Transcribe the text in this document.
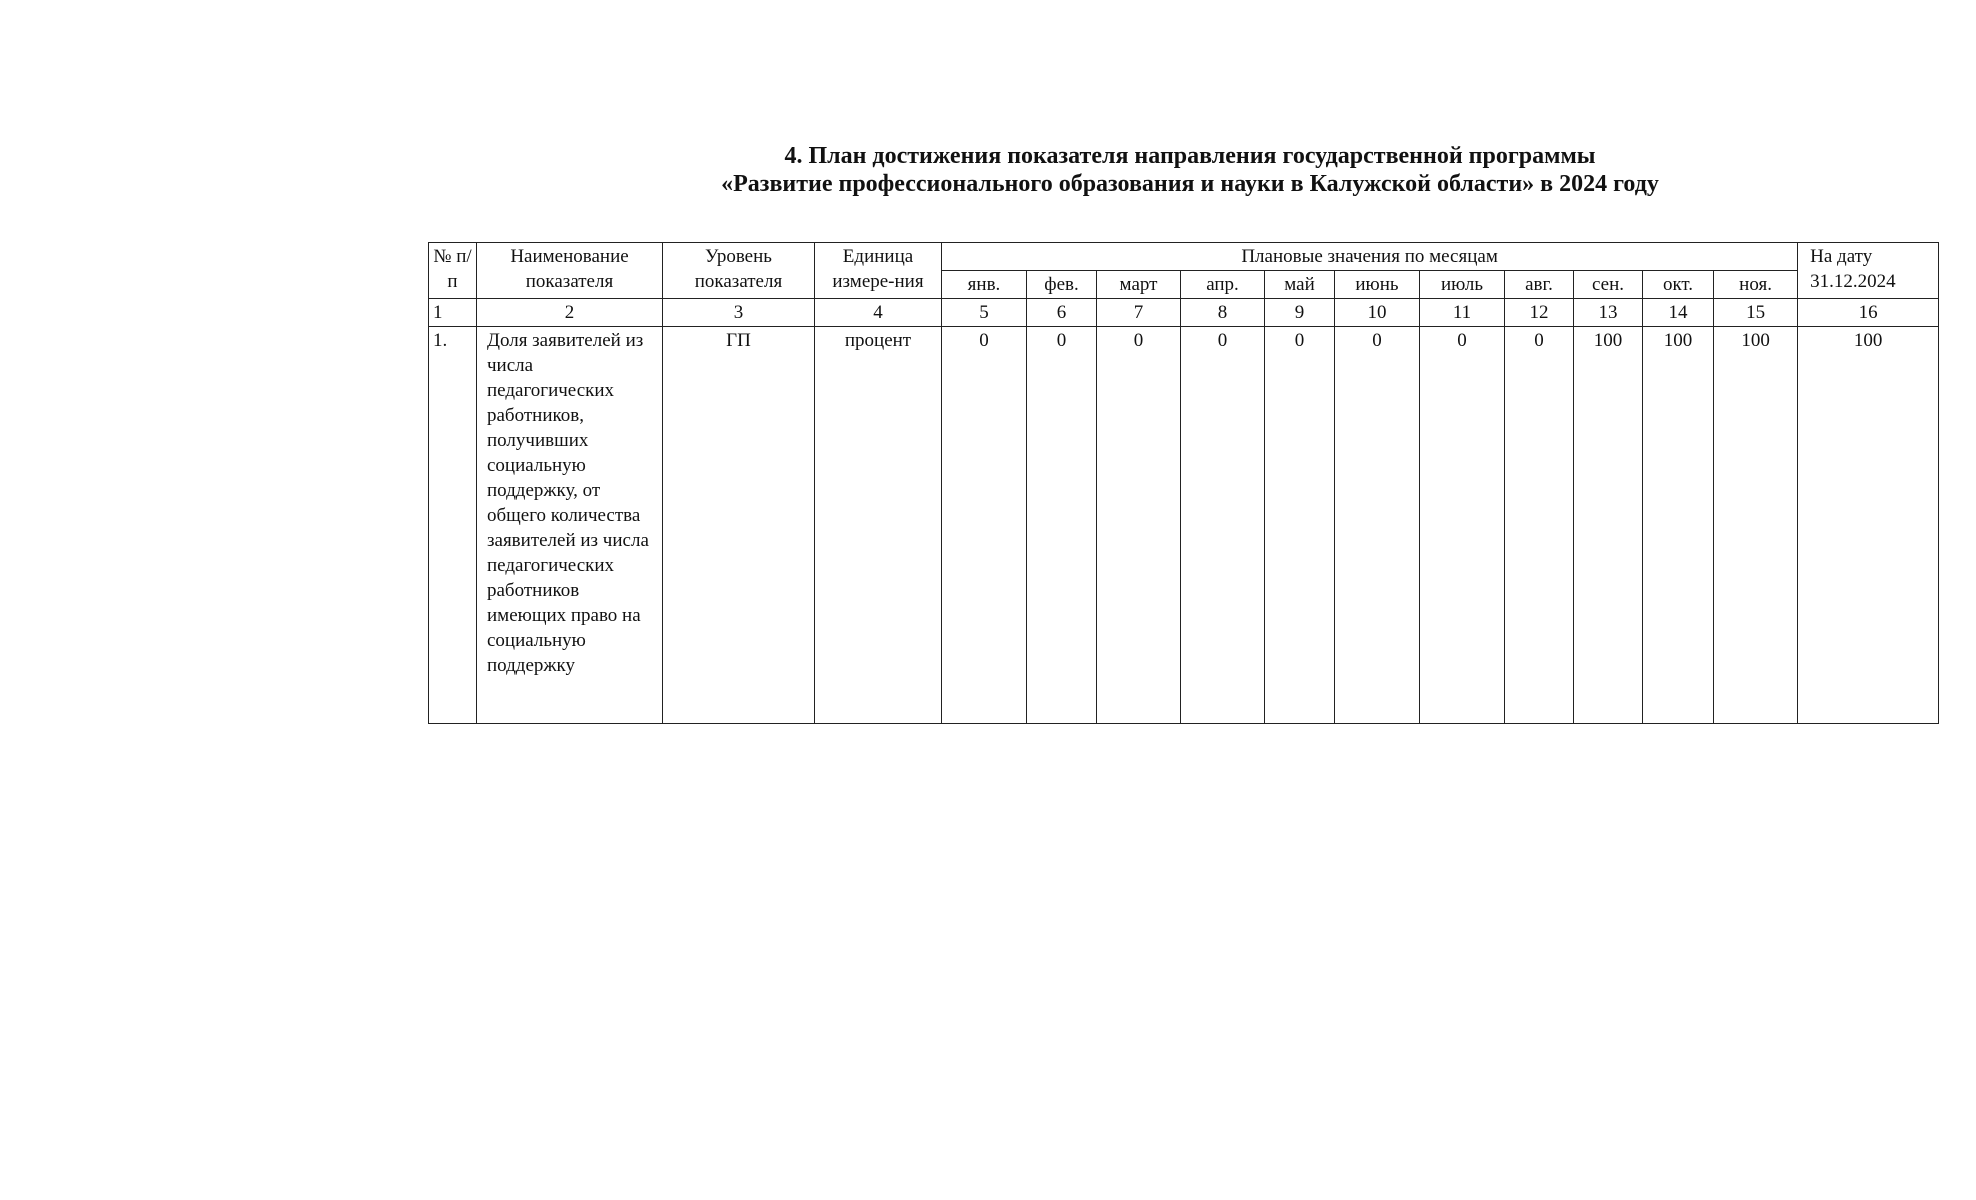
4. План достижения показателя направления государственной программы
«Развитие профессионального образования и науки в Калужской области» в 2024 году
№ п/п	Наименование показателя	Уровень показателя	Единица измере-ния	Плановые значения по месяцам											На дату 31.12.2024
				янв.	фев.	март	апр.	май	июнь	июль	авг.	сен.	окт.	ноя.	
1	2	3	4	5	6	7	8	9	10	11	12	13	14	15	16
1.	Доля заявителей из числа педагогических работников, получивших социальную поддержку, от общего количества заявителей из числа педагогических работников имеющих право на социальную поддержку	ГП	процент	0	0	0	0	0	0	0	0	100	100	100	100
